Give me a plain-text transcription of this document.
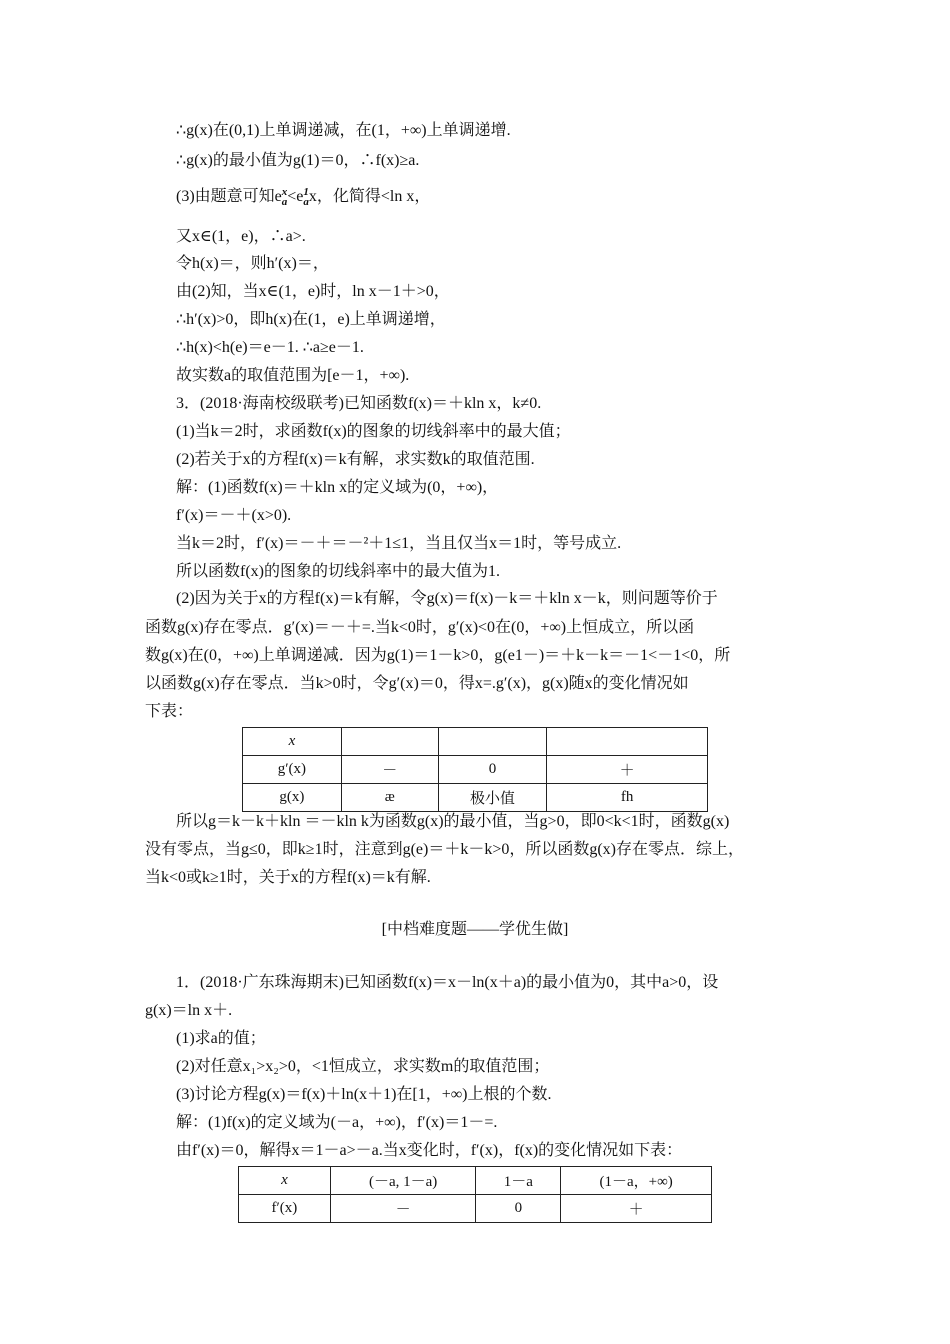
∴g(x)在(0,1)上单调递减，在(1，+∞)上单调递增.
∴g(x)的最小值为g(1)＝0，∴f(x)≥a.
(3)由题意可知e x
a <e 1
a x，化简得<ln x，
又x∈(1，e)，∴a>.
令h(x)＝，则h′(x)＝，
由(2)知，当x∈(1，e)时，ln x－1＋>0，
∴h′(x)>0，即h(x)在(1，e)上单调递增，
∴h(x)<h(e)＝e－1. ∴a≥e－1.
故实数a的取值范围为[e－1，+∞).
3．(2018·海南校级联考)已知函数f(x)＝＋kln x，k≠0.
(1)当k＝2时，求函数f(x)的图象的切线斜率中的最大值；
(2)若关于x的方程f(x)＝k有解，求实数k的取值范围.
解：(1)函数f(x)＝＋kln x的定义域为(0，+∞)，
f′(x)＝－＋(x>0).
当k＝2时，f′(x)＝－＋＝－²＋1≤1，当且仅当x＝1时，等号成立.
所以函数f(x)的图象的切线斜率中的最大值为1.
(2)因为关于x的方程f(x)＝k有解，令g(x)＝f(x)－k＝＋kln x－k，则问题等价于
函数g(x)存在零点．g′(x)＝－＋=.当k<0时，g′(x)<0在(0，+∞)上恒成立，所以函
数g(x)在(0，+∞)上单调递减．因为g(1)＝1－k>0，g(e1－)＝＋k－k＝－1<－1<0，所
以函数g(x)存在零点．当k>0时，令g′(x)＝0，得x=.g′(x)，g(x)随x的变化情况如
下表：
x			
g′(x)	－	0	＋
g(x)	æ	极小值	fh
所以g＝k－k＋kln ＝－kln k为函数g(x)的最小值，当g>0，即0<k<1时，函数g(x)
没有零点，当g≤0，即k≥1时，注意到g(e)＝＋k－k>0，所以函数g(x)存在零点．综上，
当k<0或k≥1时，关于x的方程f(x)＝k有解.
[中档难度题——学优生做]
1．(2018·广东珠海期末)已知函数f(x)＝x－ln(x＋a)的最小值为0，其中a>0，设
g(x)＝ln x＋.
(1)求a的值；
(2)对任意x₁>x₂>0，<1恒成立，求实数m的取值范围；
(3)讨论方程g(x)＝f(x)＋ln(x＋1)在[1，+∞)上根的个数.
解：(1)f(x)的定义域为(－a，+∞)，f′(x)＝1－=.
由f′(x)＝0，解得x＝1－a>－a.当x变化时，f′(x)，f(x)的变化情况如下表：
x	(－a, 1－a)	1－a	(1－a，+∞)
f′(x)	－	0	＋
